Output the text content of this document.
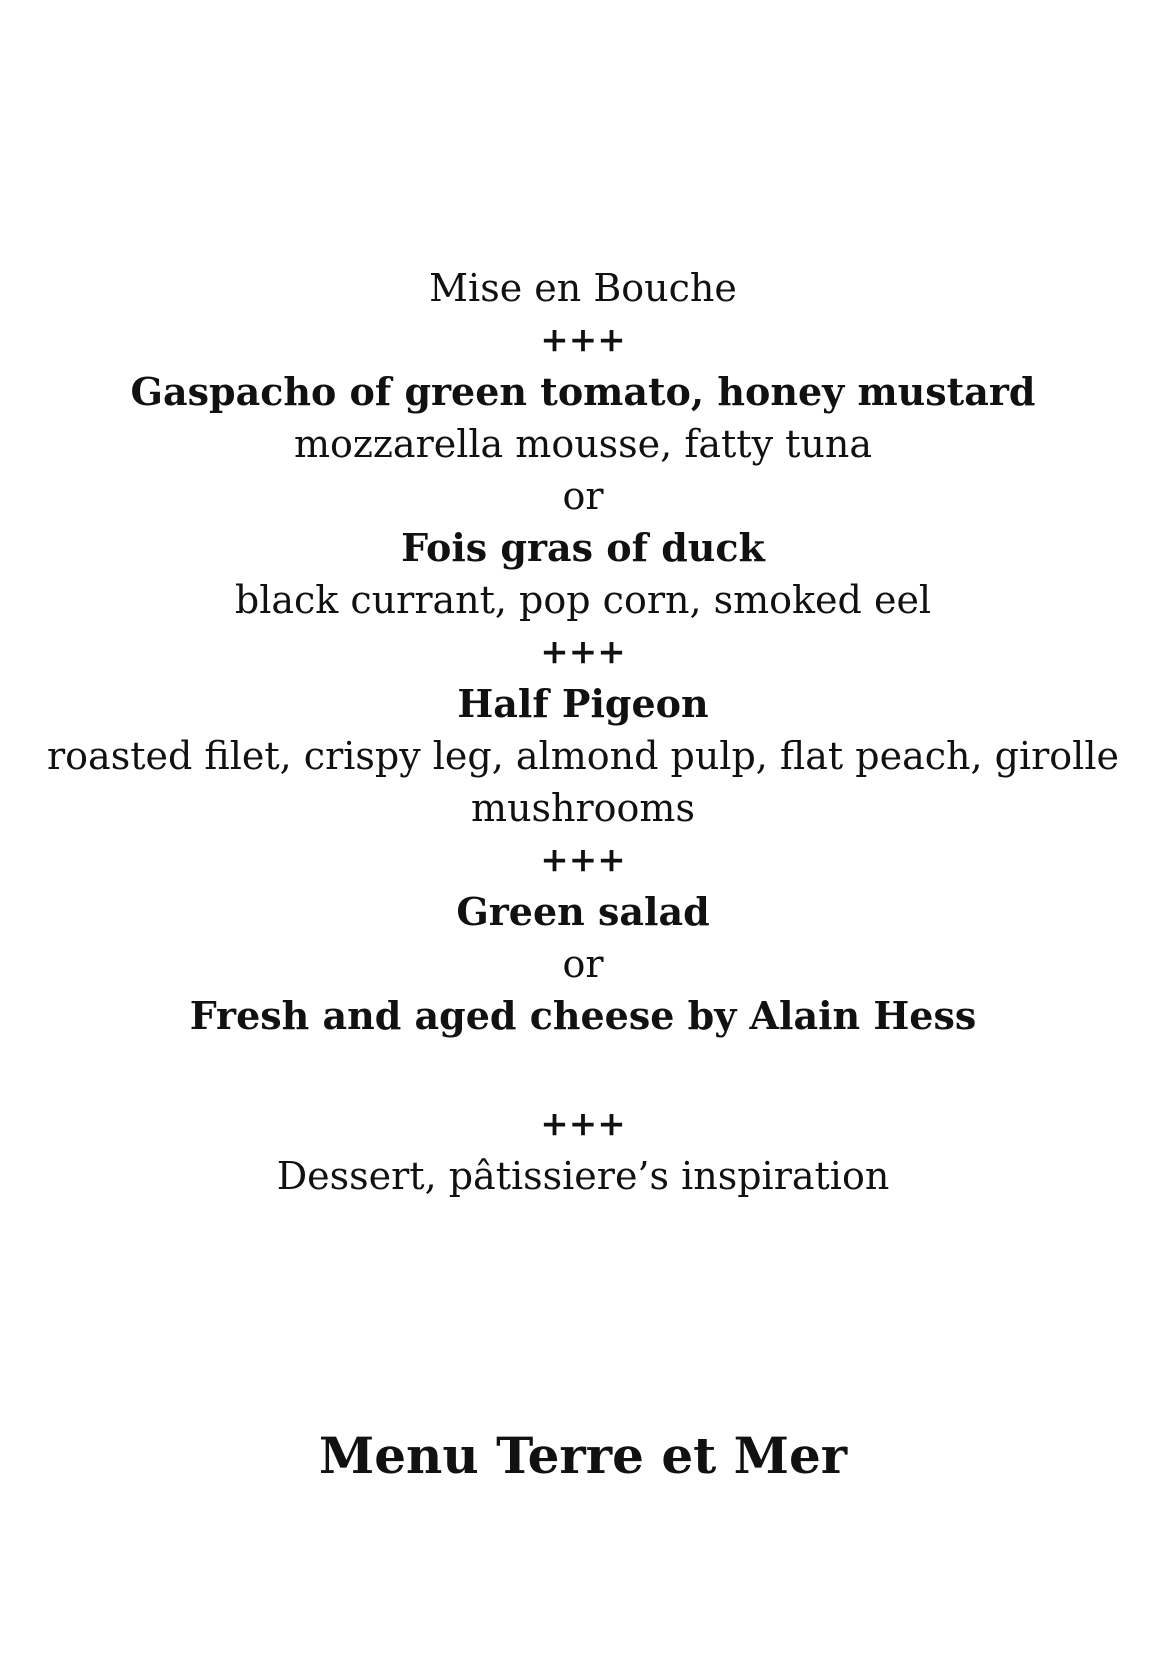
Mise en Bouche
+++
Gaspacho of green tomato, honey mustard
mozzarella mousse, fatty tuna
or
Fois gras of duck
black currant, pop corn, smoked eel
+++
Half Pigeon
roasted filet, crispy leg, almond pulp, flat peach, girolle
mushrooms
+++
Green salad
or
Fresh and aged cheese by Alain Hess
+++
Dessert, pâtissiere’s inspiration
Menu Terre et Mer
